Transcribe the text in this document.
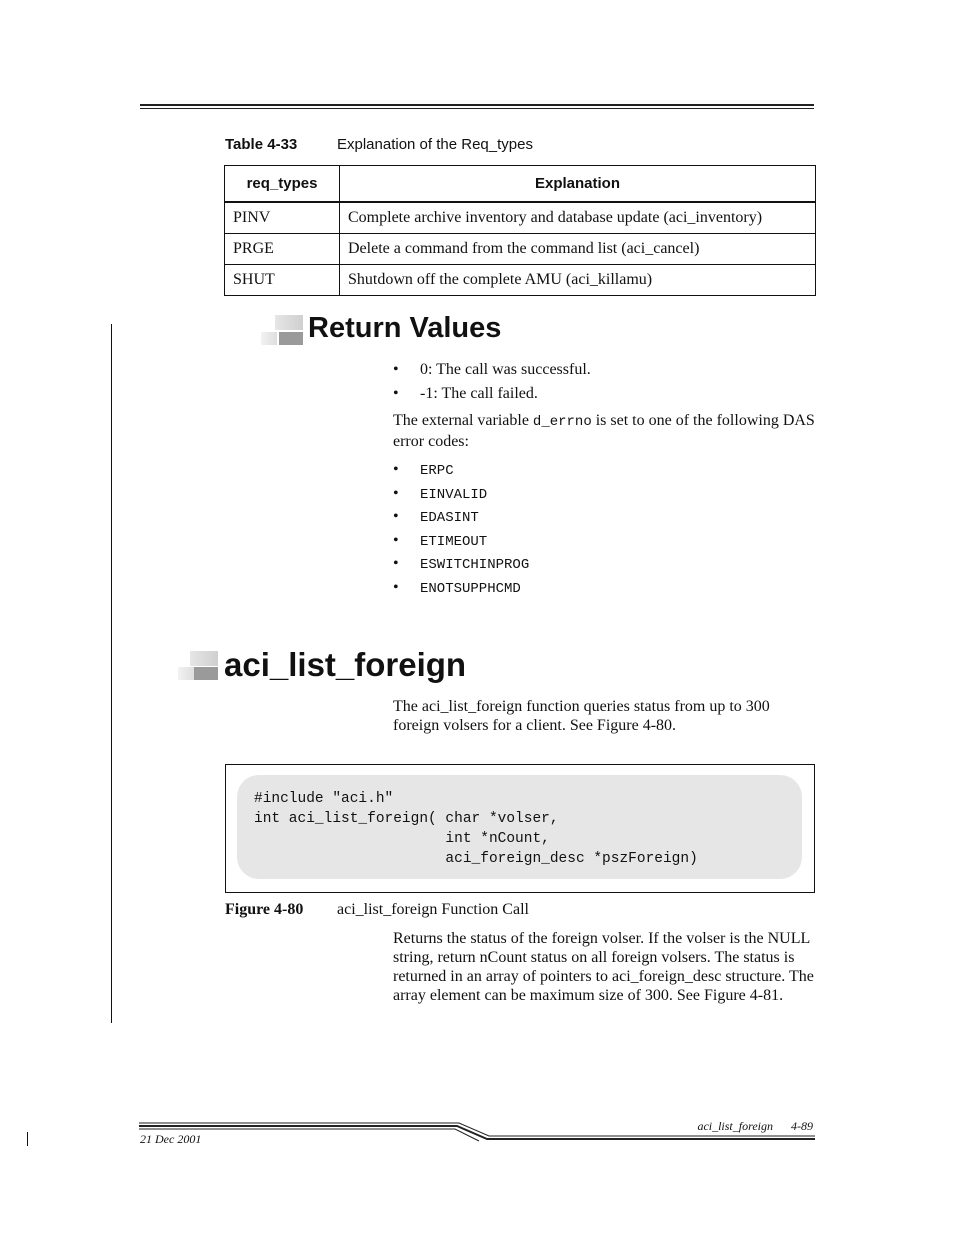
Table 4-33	Explanation of the Req_types
req_types	Explanation
PINV	Complete archive inventory and database update (aci_inventory)
PRGE	Delete a command from the command list (aci_cancel)
SHUT	Shutdown off the complete AMU (aci_killamu)
Return Values
• 0: The call was successful.
• -1: The call failed.

The external variable d_errno is set to one of the following DAS error codes:

• ERPC
• EINVALID
• EDASINT
• ETIMEOUT
• ESWITCHINPROG
• ENOTSUPPHCMD
aci_list_foreign
The aci_list_foreign function queries status from up to 300 foreign volsers for a client. See Figure 4-80.
#include "aci.h"
int aci_list_foreign( char *volser,
int *nCount,
aci_foreign_desc *pszForeign)
Figure 4-80 aci_list_foreign Function Call
Returns the status of the foreign volser. If the volser is the NULL string, return nCount status on all foreign volsers. The status is returned in an array of pointers to aci_foreign_desc structure. The array element can be maximum size of 300. See Figure 4-81.
aci_list_foreign 4-89
21 Dec 2001
